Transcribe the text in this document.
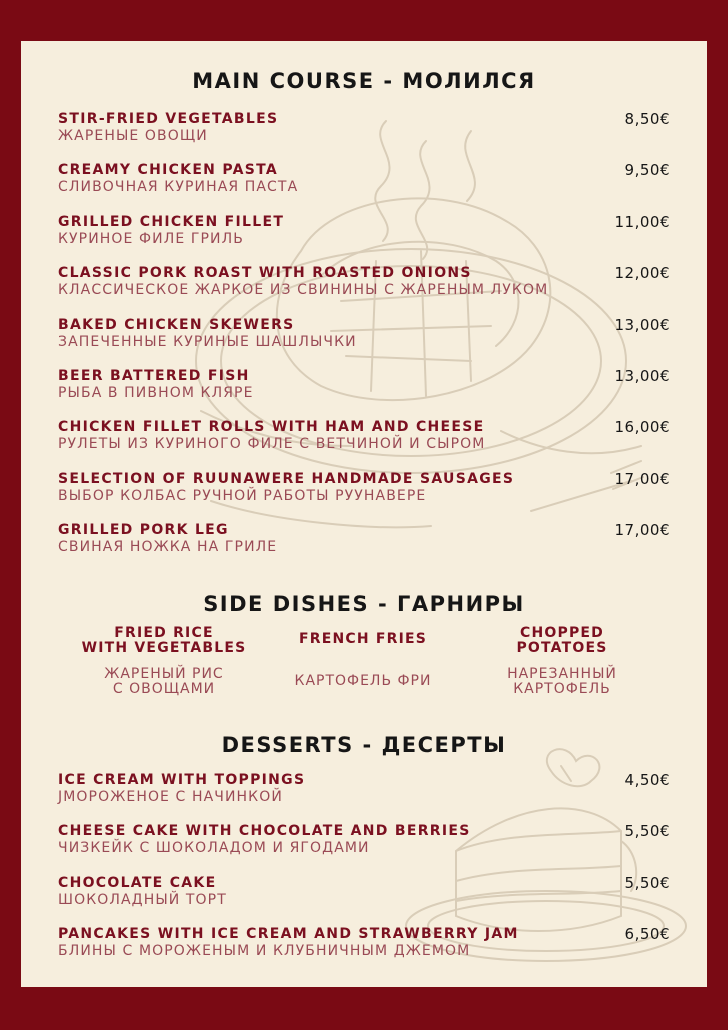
MAIN COURSE - МОЛИЛСЯ
STIR-FRIED VEGETABLES
ЖАРЕНЫЕ ОВОЩИ
8,50€
CREAMY CHICKEN PASTA
СЛИВОЧНАЯ КУРИНАЯ ПАСТА
9,50€
GRILLED CHICKEN FILLET
КУРИНОЕ ФИЛЕ ГРИЛЬ
11,00€
CLASSIC PORK ROAST WITH ROASTED ONIONS
КЛАССИЧЕСКОЕ ЖАРКОЕ ИЗ СВИНИНЫ С ЖАРЕНЫМ ЛУКОМ
12,00€
BAKED CHICKEN SKEWERS
ЗАПЕЧЕННЫЕ КУРИНЫЕ ШАШЛЫЧКИ
13,00€
BEER BATTERED FISH
РЫБА В ПИВНОМ КЛЯРЕ
13,00€
CHICKEN FILLET ROLLS WITH HAM AND CHEESE
РУЛЕТЫ ИЗ КУРИНОГО ФИЛЕ С ВЕТЧИНОЙ И СЫРОМ
16,00€
SELECTION OF RUUNAWERE HANDMADE SAUSAGES
ВЫБОР КОЛБАС РУЧНОЙ РАБОТЫ РУУНАВЕРЕ
17,00€
GRILLED PORK LEG
СВИНАЯ НОЖКА НА ГРИЛЕ
17,00€
SIDE DISHES - ГАРНИРЫ
FRIED RICE
WITH VEGETABLES
ЖАРЕНЫЙ РИС
С ОВОЩАМИ
FRENCH FRIES
КАРТОФЕЛЬ ФРИ
CHOPPED
POTATOES
НАРЕЗАННЫЙ
КАРТОФЕЛЬ
DESSERTS - ДЕСЕРТЫ
ICE CREAM WITH TOPPINGS
JМОРОЖЕНОЕ С НАЧИНКОЙ
4,50€
CHEESE CAKE WITH CHOCOLATE AND BERRIES
ЧИЗКЕЙК С ШОКОЛАДОМ И ЯГОДАМИ
5,50€
CHOCOLATE CAKE
ШОКОЛАДНЫЙ ТОРТ
5,50€
PANCAKES WITH ICE CREAM AND STRAWBERRY JAM
БЛИНЫ С МОРОЖЕНЫМ И КЛУБНИЧНЫМ ДЖЕМОМ
6,50€
